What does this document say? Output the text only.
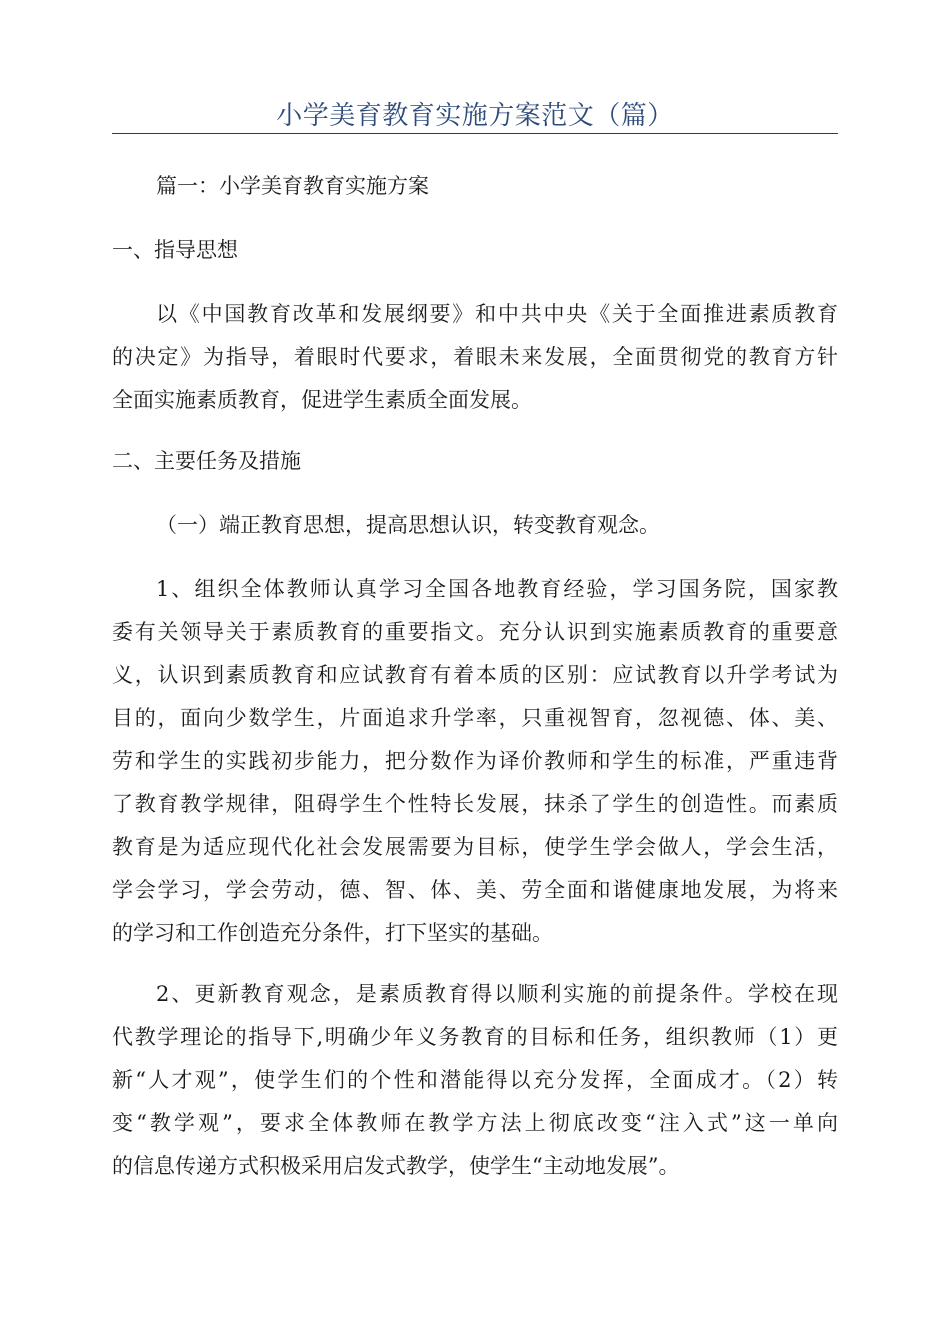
小学美育教育实施方案范文（篇）

篇一：小学美育教育实施方案

一、指导思想

以《中国教育改革和发展纲要》和中共中央《关于全面推进素质教育
的决定》为指导，着眼时代要求，着眼未来发展，全面贯彻党的教育方针
全面实施素质教育，促进学生素质全面发展。

二、主要任务及措施

（一）端正教育思想，提高思想认识，转变教育观念。

1、组织全体教师认真学习全国各地教育经验，学习国务院，国家教
委有关领导关于素质教育的重要指文。充分认识到实施素质教育的重要意
义，认识到素质教育和应试教育有着本质的区别：应试教育以升学考试为
目的，面向少数学生，片面追求升学率，只重视智育，忽视德、体、美、
劳和学生的实践初步能力，把分数作为译价教师和学生的标准，严重违背
了教育教学规律，阻碍学生个性特长发展，抹杀了学生的创造性。而素质
教育是为适应现代化社会发展需要为目标，使学生学会做人，学会生活，
学会学习，学会劳动，德、智、体、美、劳全面和谐健康地发展，为将来
的学习和工作创造充分条件，打下坚实的基础。

2、更新教育观念，是素质教育得以顺利实施的前提条件。学校在现
代教学理论的指导下,明确少年义务教育的目标和任务，组织教师（1）更
新“人才观”，使学生们的个性和潜能得以充分发挥，全面成才。（2）转
变“教学观”，要求全体教师在教学方法上彻底改变“注入式”这一单向
的信息传递方式积极采用启发式教学，使学生“主动地发展”。
